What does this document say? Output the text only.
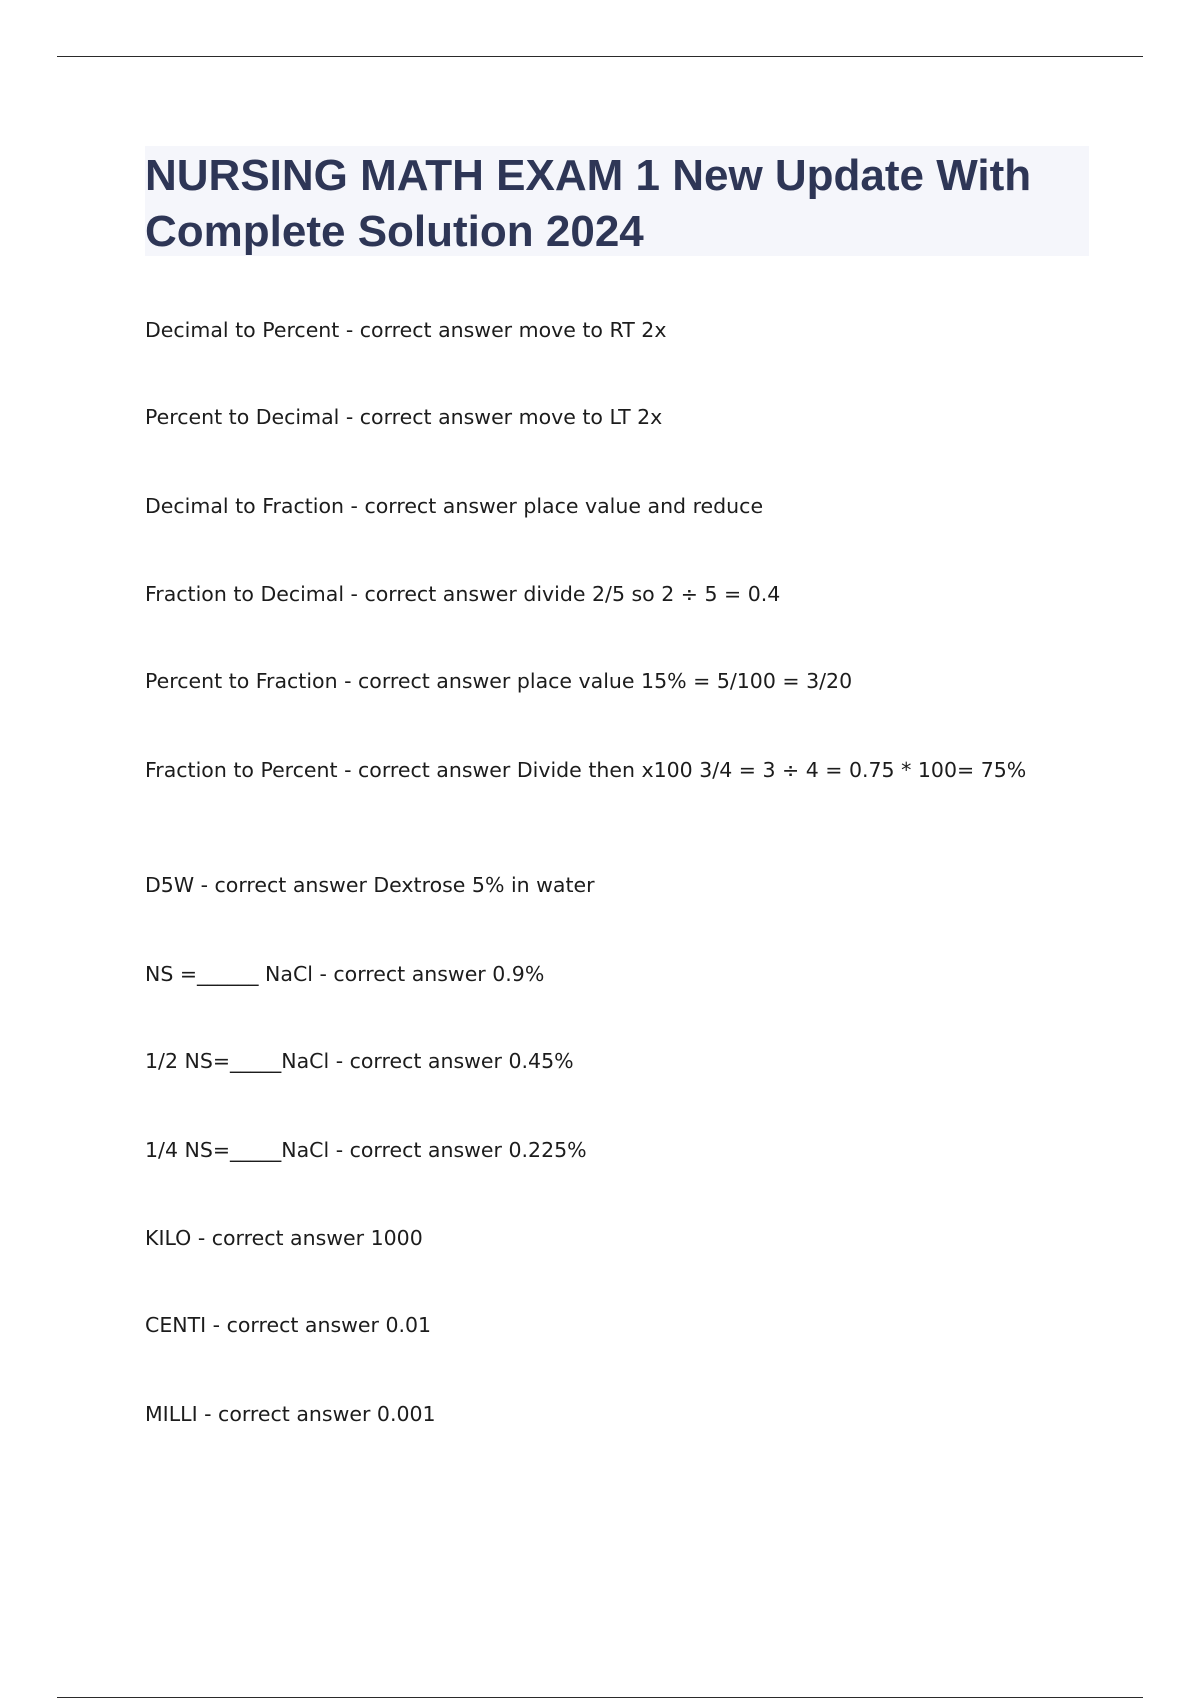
NURSING MATH EXAM 1 New Update With Complete Solution 2024

Decimal to Percent - correct answer move to RT 2x

Percent to Decimal - correct answer move to LT 2x

Decimal to Fraction - correct answer place value and reduce

Fraction to Decimal - correct answer divide 2/5 so 2 ÷ 5 = 0.4

Percent to Fraction - correct answer place value 15% = 5/100 = 3/20

Fraction to Percent - correct answer Divide then x100 3/4 = 3 ÷ 4 = 0.75 * 100= 75%

D5W - correct answer Dextrose 5% in water

NS =______ NaCl - correct answer 0.9%

1/2 NS=_____NaCl - correct answer 0.45%

1/4 NS=_____NaCl - correct answer 0.225%

KILO - correct answer 1000

CENTI - correct answer 0.01

MILLI - correct answer 0.001
